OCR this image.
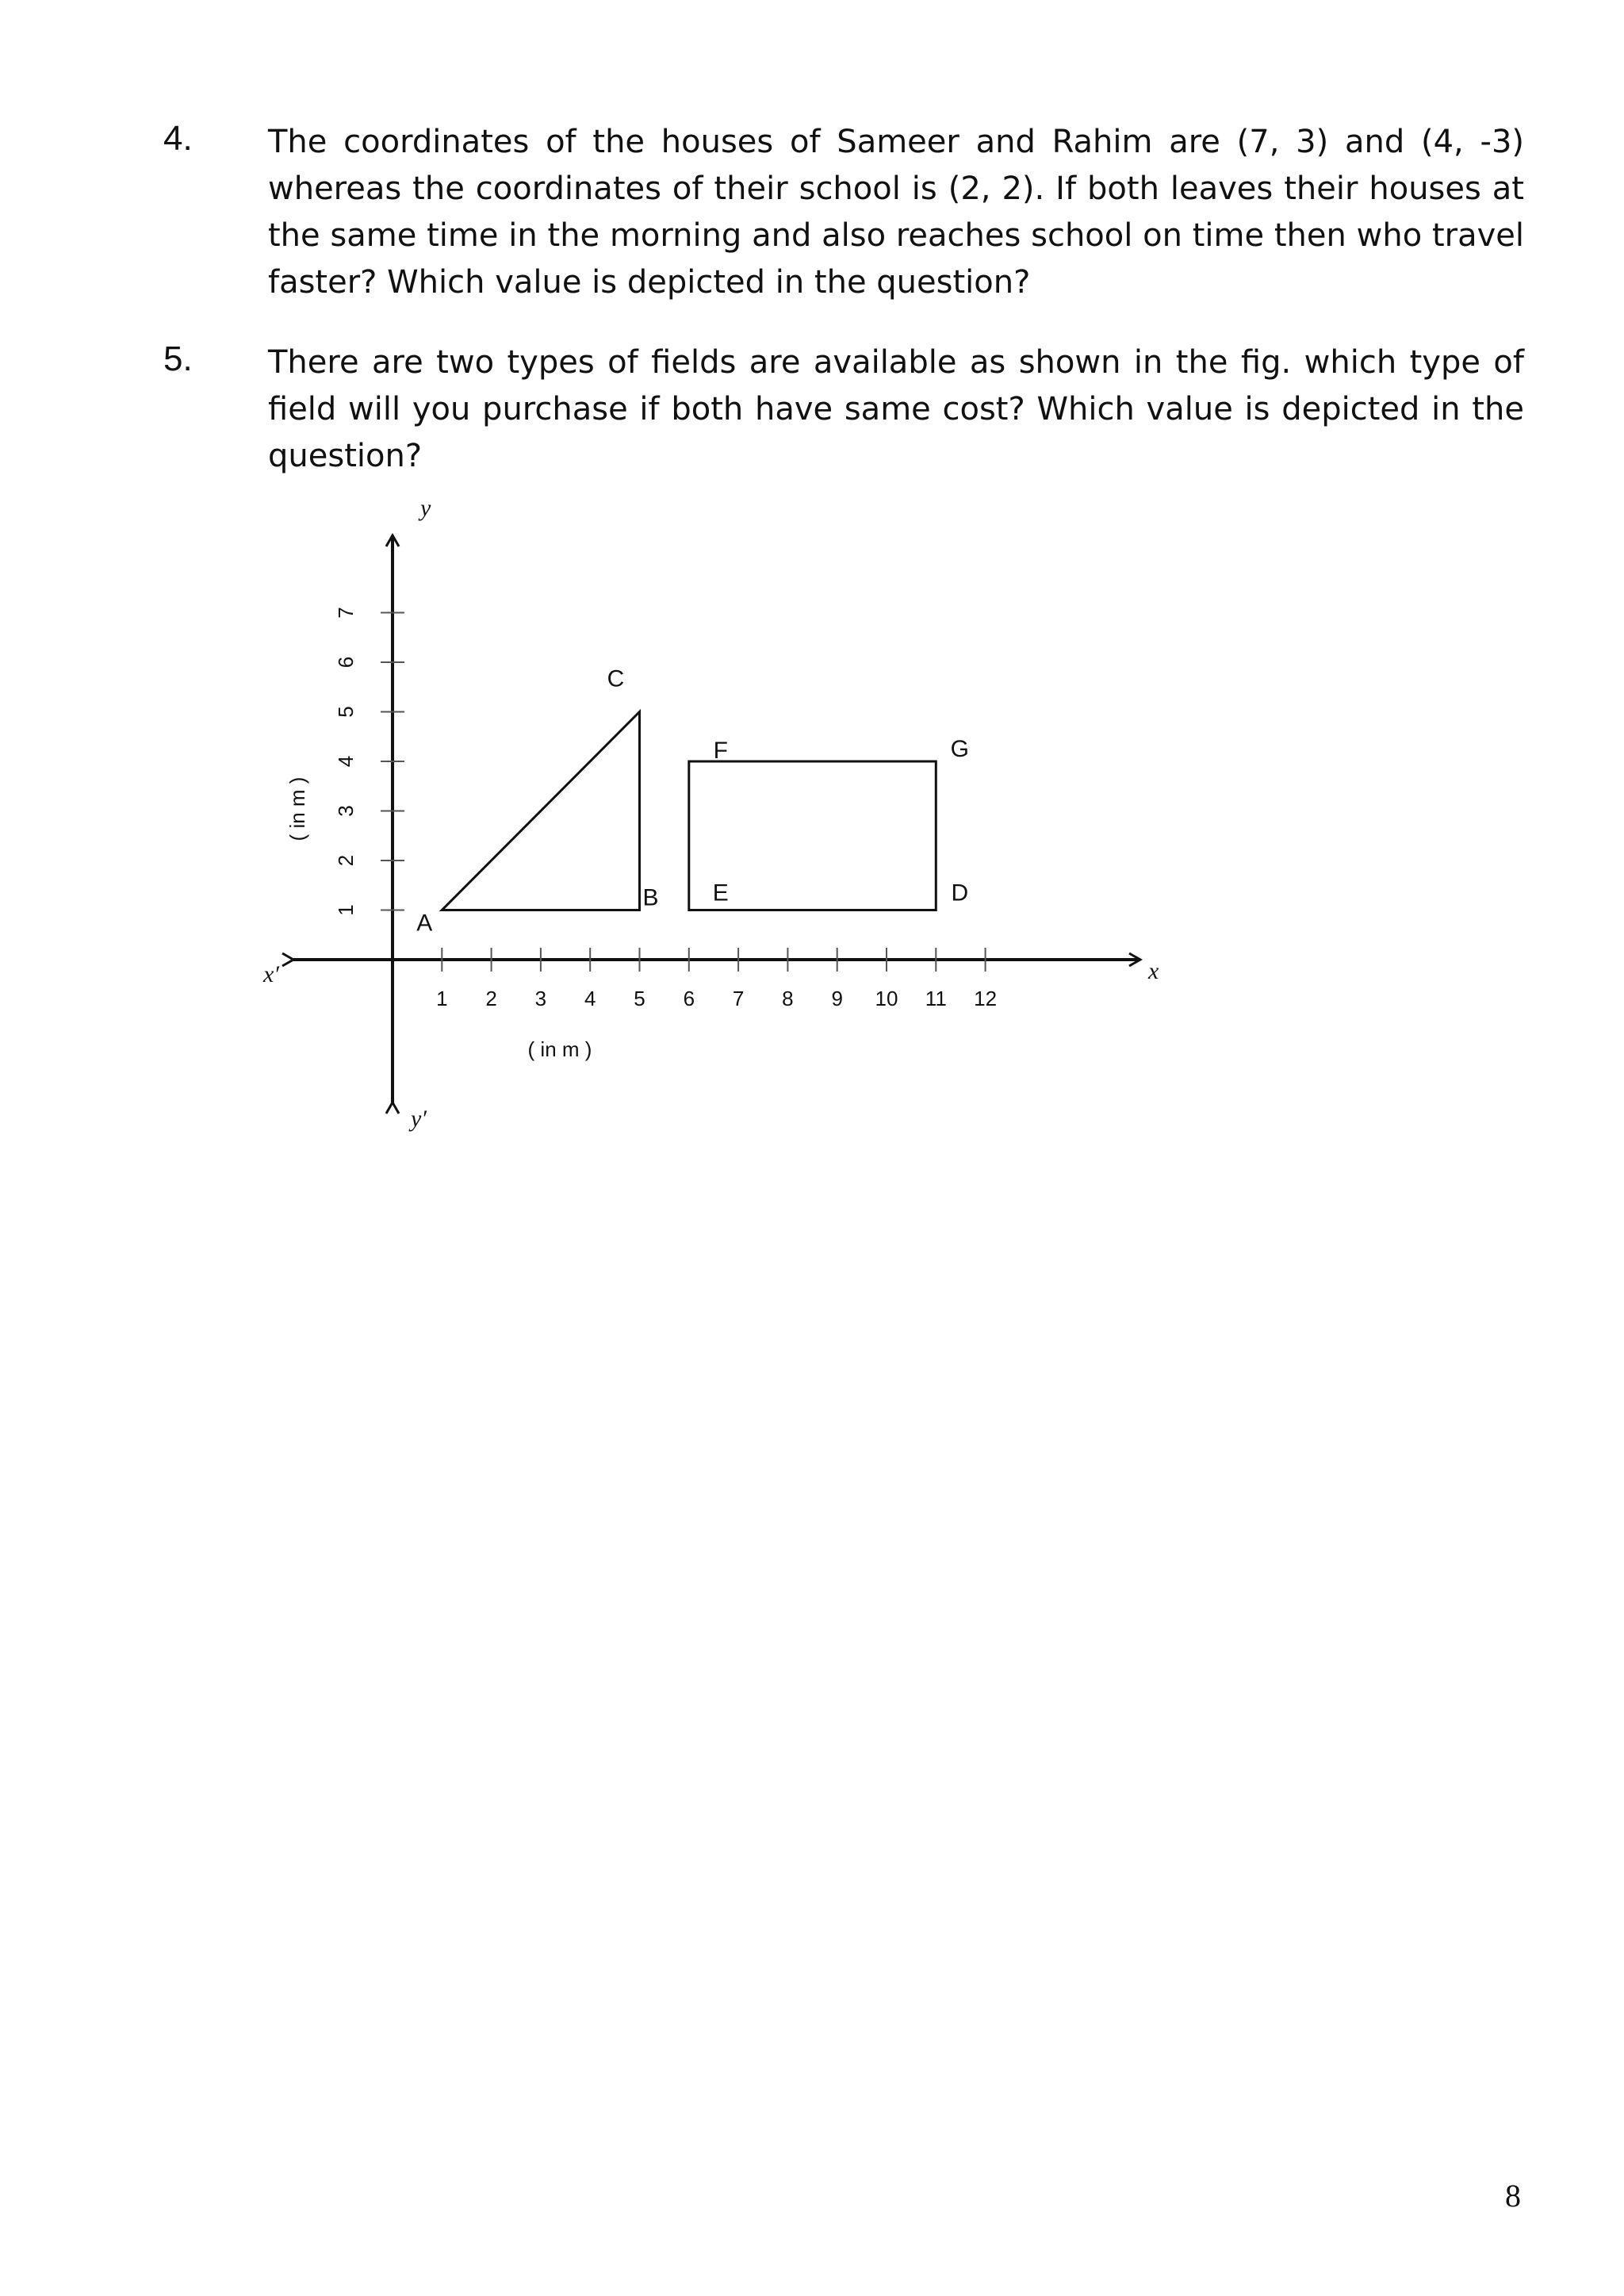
4. The coordinates of the houses of Sameer and Rahim are (7, 3) and (4, -3) whereas the coordinates of their school is (2, 2). If both leaves their houses at the same time in the morning and also reaches school on time then who travel faster? Which value is depicted in the question?

5. There are two types of fields are available as shown in the fig. which type of field will you purchase if both have same cost? Which value is depicted in the question?

1 2 3 4 5 6 7 8 9 10 11 12
1
2
3
4
5
6
7
A
B
C
E	D
G
F
y
y′
x
x′
( in m )
( in m )
8
